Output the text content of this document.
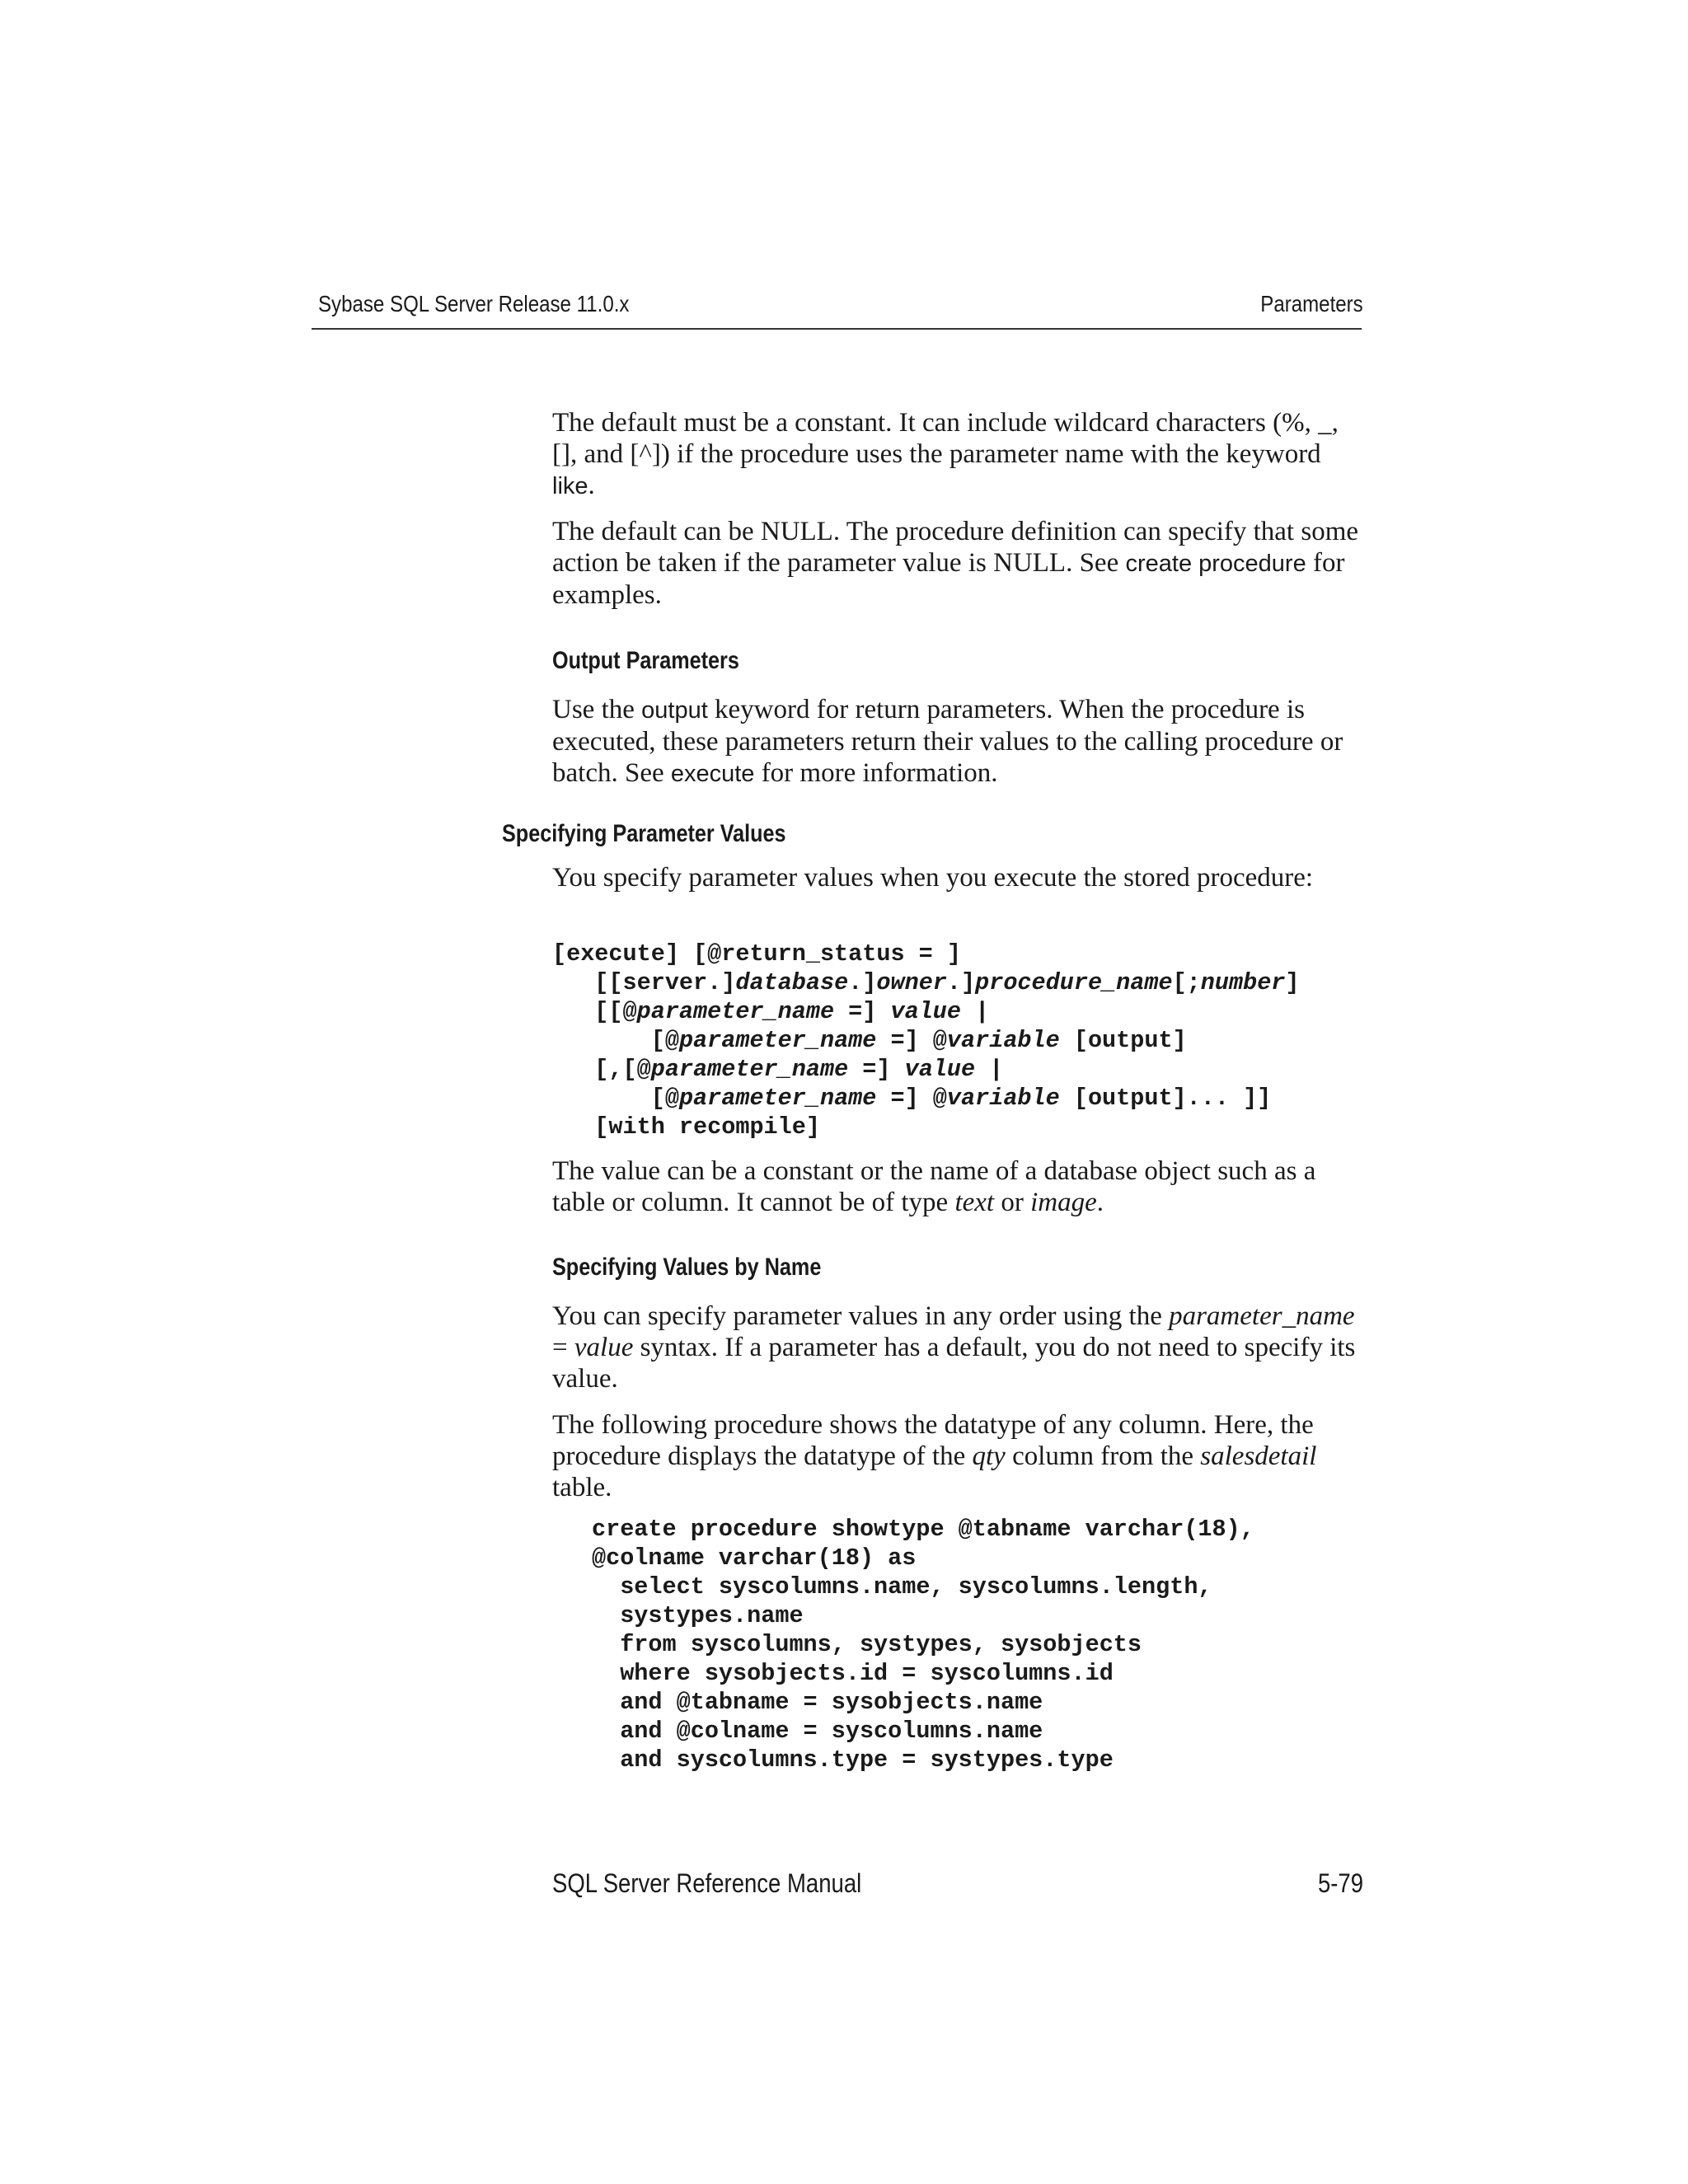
Sybase SQL Server Release 11.0.x	Parameters

The default must be a constant. It can include wildcard characters (%, _, [], and [^]) if the procedure uses the parameter name with the keyword like.

The default can be NULL. The procedure definition can specify that some action be taken if the parameter value is NULL. See create procedure for examples.

Output Parameters

Use the output keyword for return parameters. When the procedure is executed, these parameters return their values to the calling procedure or batch. See execute for more information.

Specifying Parameter Values

You specify parameter values when you execute the stored procedure:

[execute] [@return_status = ]
[[server.]database.]owner.]procedure_name[;number]
[[@parameter_name =] value |
[@parameter_name =] @variable [output]
[,[@parameter_name =] value |
[@parameter_name =] @variable [output]... ]]
[with recompile]

The value can be a constant or the name of a database object such as a table or column. It cannot be of type text or image.

Specifying Values by Name

You can specify parameter values in any order using the parameter_name = value syntax. If a parameter has a default, you do not need to specify its value.

The following procedure shows the datatype of any column. Here, the procedure displays the datatype of the qty column from the salesdetail table.

create procedure showtype @tabname varchar(18),
@colname varchar(18) as
select syscolumns.name, syscolumns.length,
systypes.name
from syscolumns, systypes, sysobjects
where sysobjects.id = syscolumns.id
and @tabname = sysobjects.name
and @colname = syscolumns.name
and syscolumns.type = systypes.type
SQL Server Reference Manual	5-79
